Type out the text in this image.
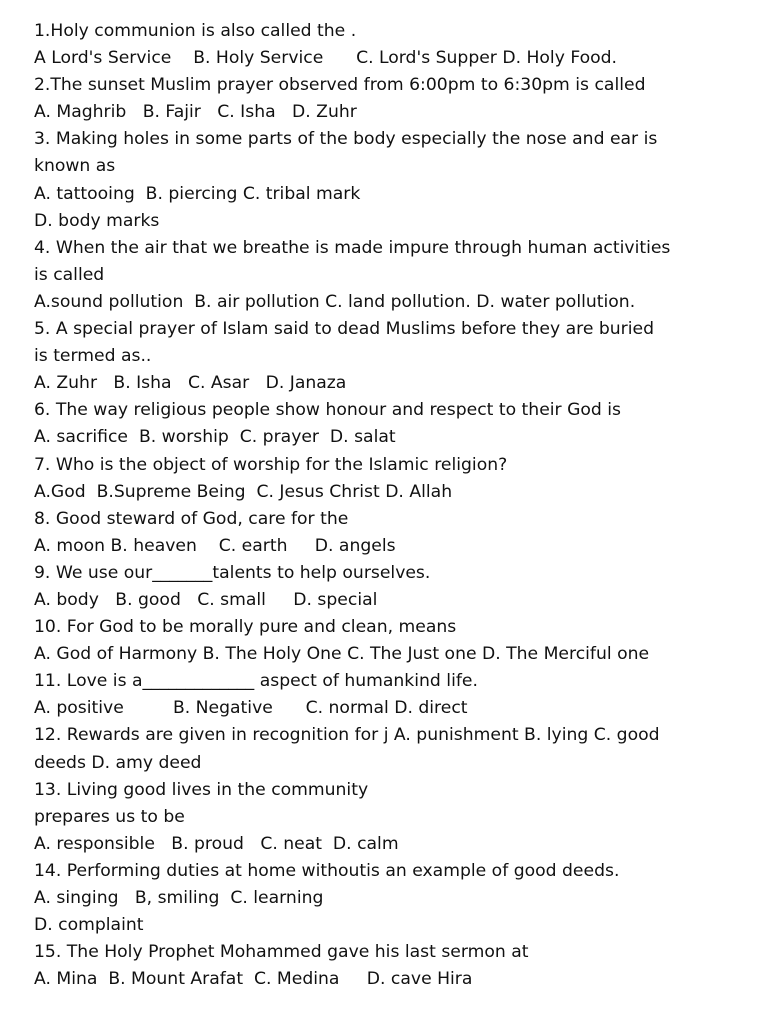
1.Holy communion is also called the .
A Lord's Service    B. Holy Service      C. Lord's Supper D. Holy Food.
2.The sunset Muslim prayer observed from 6:00pm to 6:30pm is called
A. Maghrib   B. Fajir   C. Isha   D. Zuhr
3. Making holes in some parts of the body especially the nose and ear is
known as
A. tattooing  B. piercing C. tribal mark
D. body marks
4. When the air that we breathe is made impure through human activities
is called
A.sound pollution  B. air pollution C. land pollution. D. water pollution.
5. A special prayer of Islam said to dead Muslims before they are buried
is termed as..
A. Zuhr   B. Isha   C. Asar   D. Janaza
6. The way religious people show honour and respect to their God is
A. sacrifice  B. worship  C. prayer  D. salat
7. Who is the object of worship for the Islamic religion?
A.God  B.Supreme Being  C. Jesus Christ D. Allah
8. Good steward of God, care for the
A. moon B. heaven    C. earth     D. angels
9. We use our_______talents to help ourselves.
A. body   B. good   C. small     D. special
10. For God to be morally pure and clean, means
A. God of Harmony B. The Holy One C. The Just one D. The Merciful one
11. Love is a_____________ aspect of humankind life.
A. positive         B. Negative      C. normal D. direct
12. Rewards are given in recognition for j A. punishment B. lying C. good
deeds D. amy deed
13. Living good lives in the community
prepares us to be
A. responsible   B. proud   C. neat  D. calm
14. Performing duties at home withoutis an example of good deeds.
A. singing   B, smiling  C. learning
D. complaint
15. The Holy Prophet Mohammed gave his last sermon at
A. Mina  B. Mount Arafat  C. Medina     D. cave Hira
